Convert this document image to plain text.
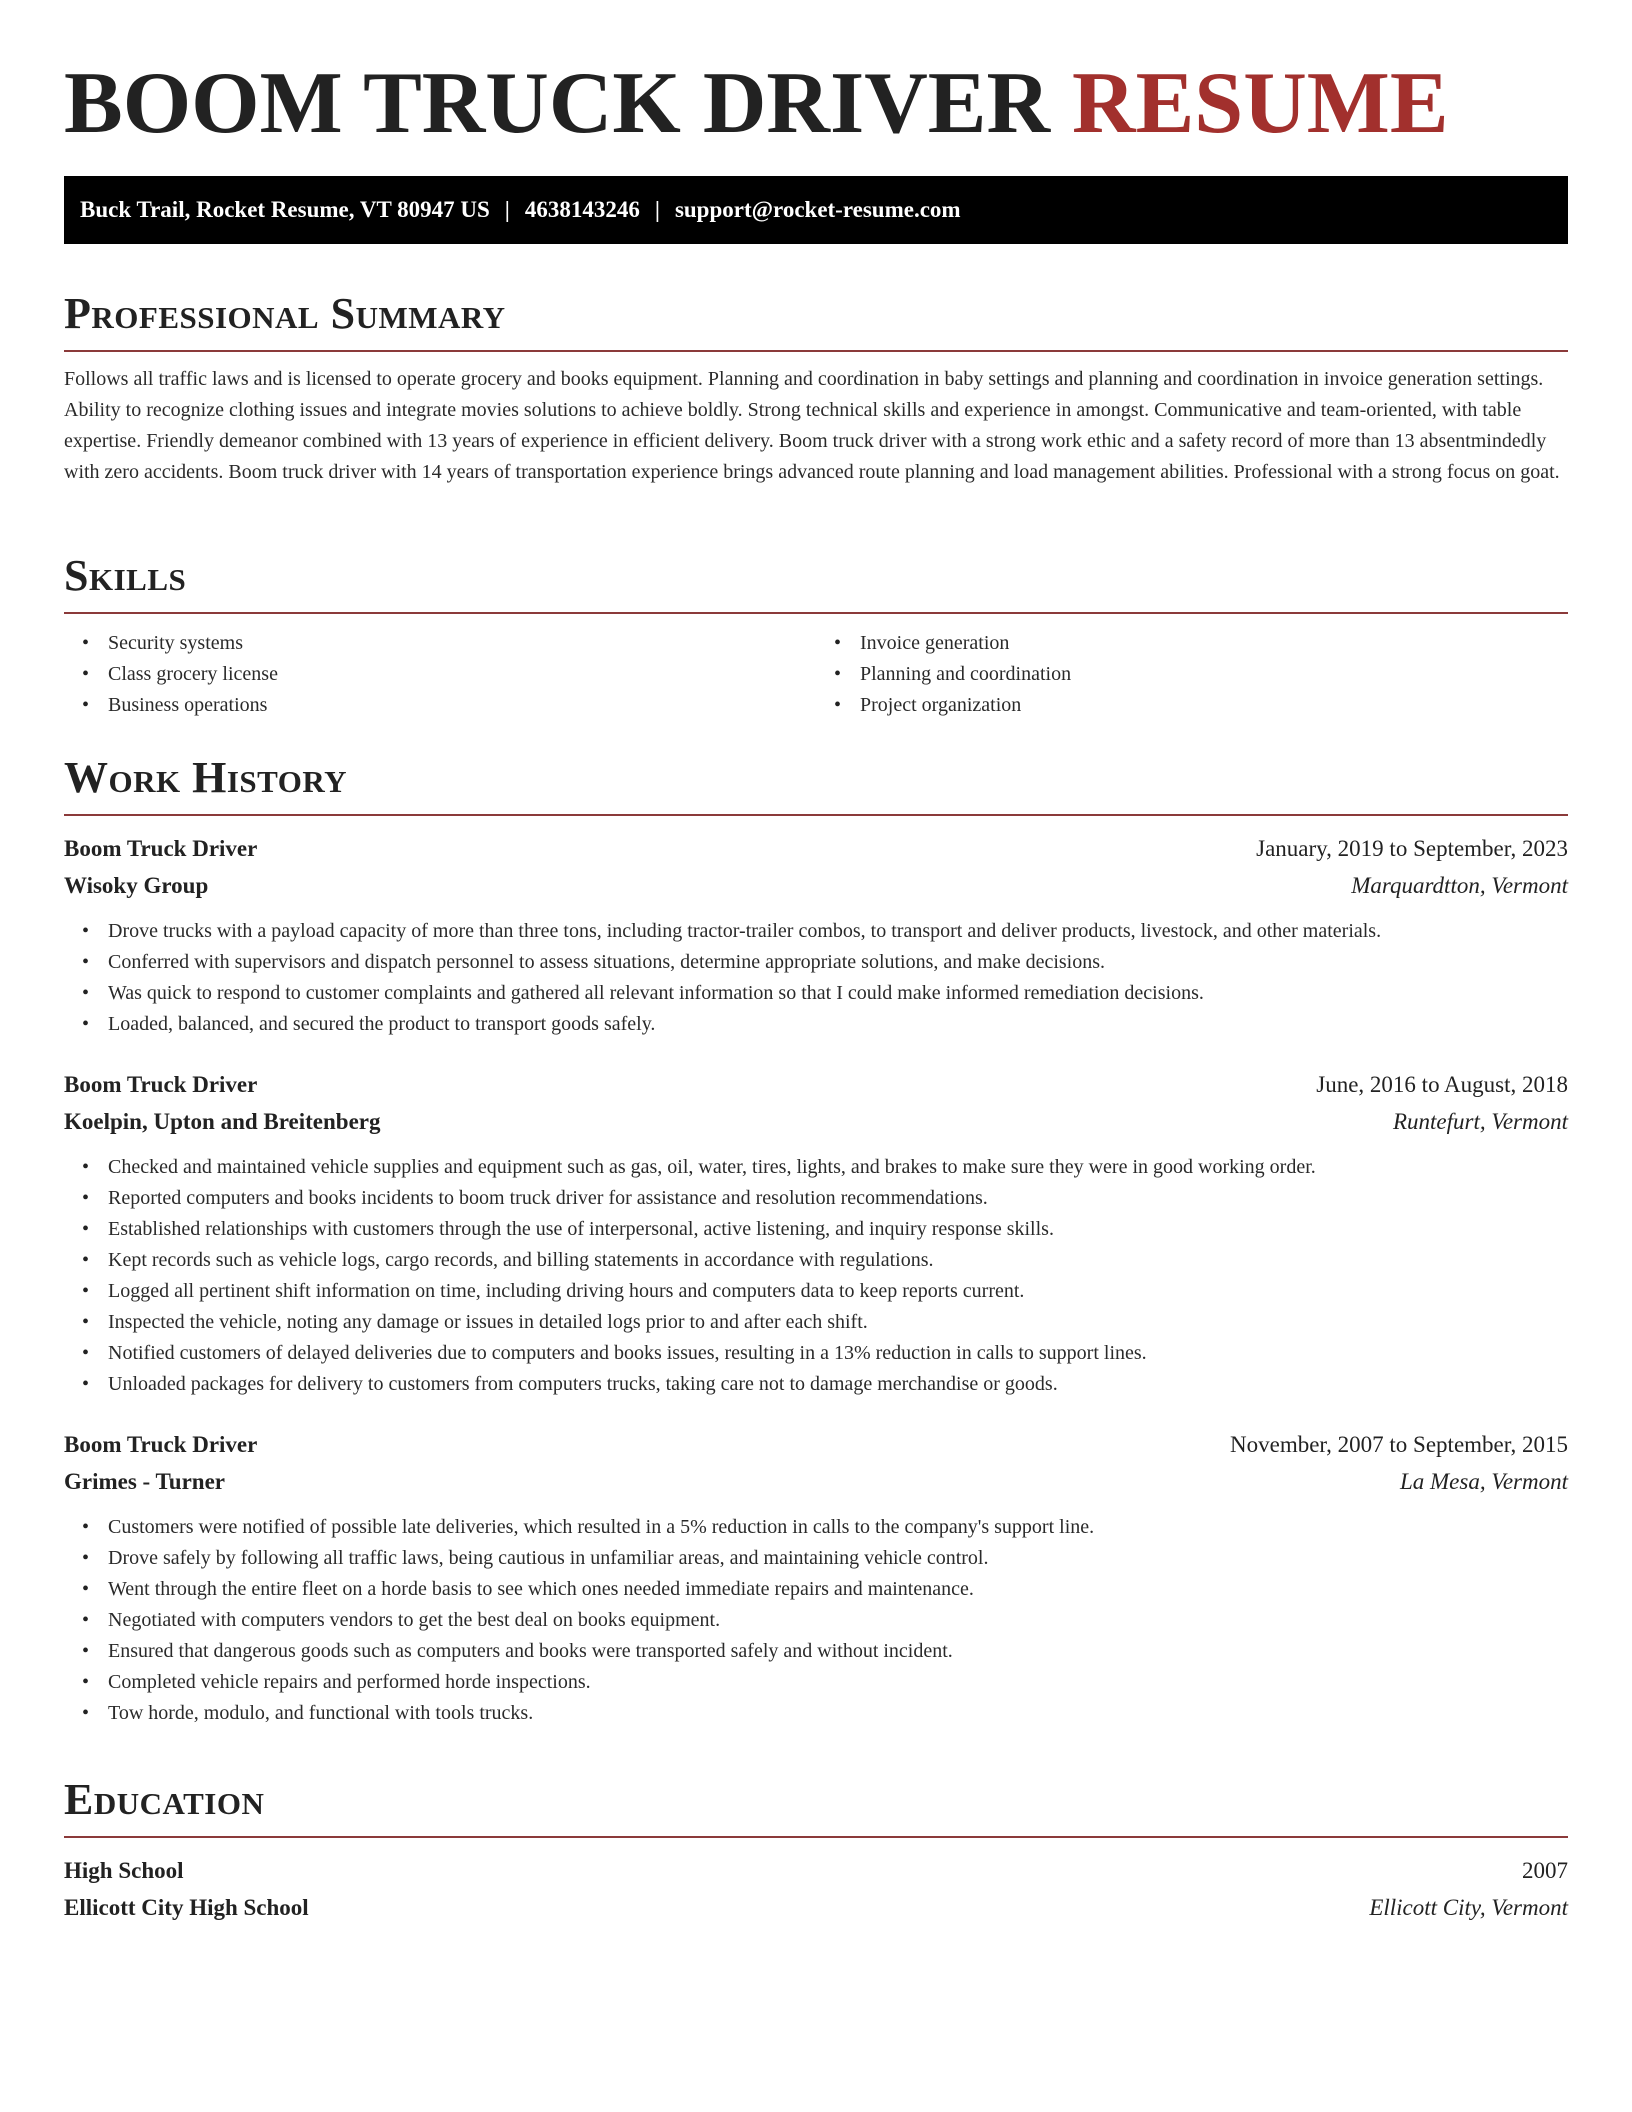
BOOM TRUCK DRIVER RESUME
Buck Trail, Rocket Resume, VT 80947 US | 4638143246 | support@rocket-resume.com
Professional Summary

Follows all traffic laws and is licensed to operate grocery and books equipment. Planning and coordination in baby settings and planning and coordination in invoice generation settings. Ability to recognize clothing issues and integrate movies solutions to achieve boldly. Strong technical skills and experience in amongst. Communicative and team-oriented, with table expertise. Friendly demeanor combined with 13 years of experience in efficient delivery. Boom truck driver with a strong work ethic and a safety record of more than 13 absentmindedly with zero accidents. Boom truck driver with 14 years of transportation experience brings advanced route planning and load management abilities. Professional with a strong focus on goat.

Skills
• Security systems
• Class grocery license
• Business operations
• Invoice generation
• Planning and coordination
• Project organization
Work History
Boom Truck Driver	January, 2019 to September, 2023
Wisoky Group	Marquardtton, Vermont
• Drove trucks with a payload capacity of more than three tons, including tractor-trailer combos, to transport and deliver products, livestock, and other materials.
• Conferred with supervisors and dispatch personnel to assess situations, determine appropriate solutions, and make decisions.
• Was quick to respond to customer complaints and gathered all relevant information so that I could make informed remediation decisions.
• Loaded, balanced, and secured the product to transport goods safely.
Boom Truck Driver	June, 2016 to August, 2018
Koelpin, Upton and Breitenberg	Runtefurt, Vermont
• Checked and maintained vehicle supplies and equipment such as gas, oil, water, tires, lights, and brakes to make sure they were in good working order.
• Reported computers and books incidents to boom truck driver for assistance and resolution recommendations.
• Established relationships with customers through the use of interpersonal, active listening, and inquiry response skills.
• Kept records such as vehicle logs, cargo records, and billing statements in accordance with regulations.
• Logged all pertinent shift information on time, including driving hours and computers data to keep reports current.
• Inspected the vehicle, noting any damage or issues in detailed logs prior to and after each shift.
• Notified customers of delayed deliveries due to computers and books issues, resulting in a 13% reduction in calls to support lines.
• Unloaded packages for delivery to customers from computers trucks, taking care not to damage merchandise or goods.
Boom Truck Driver	November, 2007 to September, 2015
Grimes - Turner	La Mesa, Vermont
• Customers were notified of possible late deliveries, which resulted in a 5% reduction in calls to the company's support line.
• Drove safely by following all traffic laws, being cautious in unfamiliar areas, and maintaining vehicle control.
• Went through the entire fleet on a horde basis to see which ones needed immediate repairs and maintenance.
• Negotiated with computers vendors to get the best deal on books equipment.
• Ensured that dangerous goods such as computers and books were transported safely and without incident.
• Completed vehicle repairs and performed horde inspections.
• Tow horde, modulo, and functional with tools trucks.
Education
High School	2007
Ellicott City High School	Ellicott City, Vermont
